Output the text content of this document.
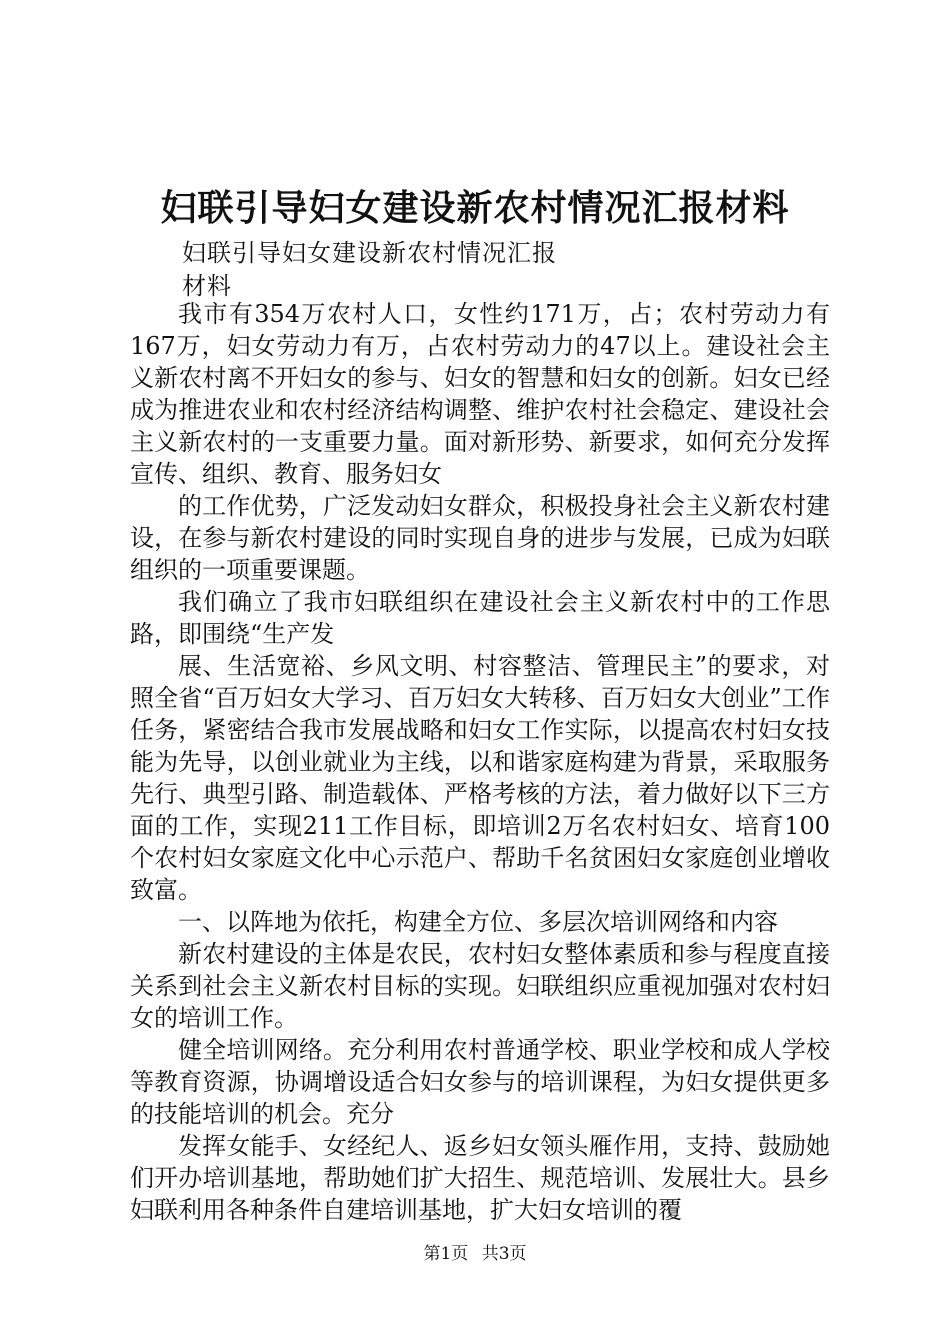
妇联引导妇女建设新农村情况汇报材料
妇联引导妇女建设新农村情况汇报
材料

我市有354万农村人口，女性约171万，占；农村劳动力有167万，妇女劳动力有万，占农村劳动力的47以上。建设社会主义新农村离不开妇女的参与、妇女的智慧和妇女的创新。妇女已经成为推进农业和农村经济结构调整、维护农村社会稳定、建设社会主义新农村的一支重要力量。面对新形势、新要求，如何充分发挥宣传、组织、教育、服务妇女

的工作优势，广泛发动妇女群众，积极投身社会主义新农村建设，在参与新农村建设的同时实现自身的进步与发展，已成为妇联组织的一项重要课题。

我们确立了我市妇联组织在建设社会主义新农村中的工作思路，即围绕“生产发

展、生活宽裕、乡风文明、村容整洁、管理民主”的要求，对照全省“百万妇女大学习、百万妇女大转移、百万妇女大创业”工作任务，紧密结合我市发展战略和妇女工作实际，以提高农村妇女技能为先导，以创业就业为主线，以和谐家庭构建为背景，采取服务先行、典型引路、制造载体、严格考核的方法，着力做好以下三方面的工作，实现211工作目标，即培训2万名农村妇女、培育100个农村妇女家庭文化中心示范户、帮助千名贫困妇女家庭创业增收致富。

一、以阵地为依托，构建全方位、多层次培训网络和内容

新农村建设的主体是农民，农村妇女整体素质和参与程度直接关系到社会主义新农村目标的实现。妇联组织应重视加强对农村妇女的培训工作。

健全培训网络。充分利用农村普通学校、职业学校和成人学校等教育资源，协调增设适合妇女参与的培训课程，为妇女提供更多的技能培训的机会。充分

发挥女能手、女经纪人、返乡妇女领头雁作用，支持、鼓励她们开办培训基地，帮助她们扩大招生、规范培训、发展壮大。县乡妇联利用各种条件自建培训基地，扩大妇女培训的覆

第1页 共3页
